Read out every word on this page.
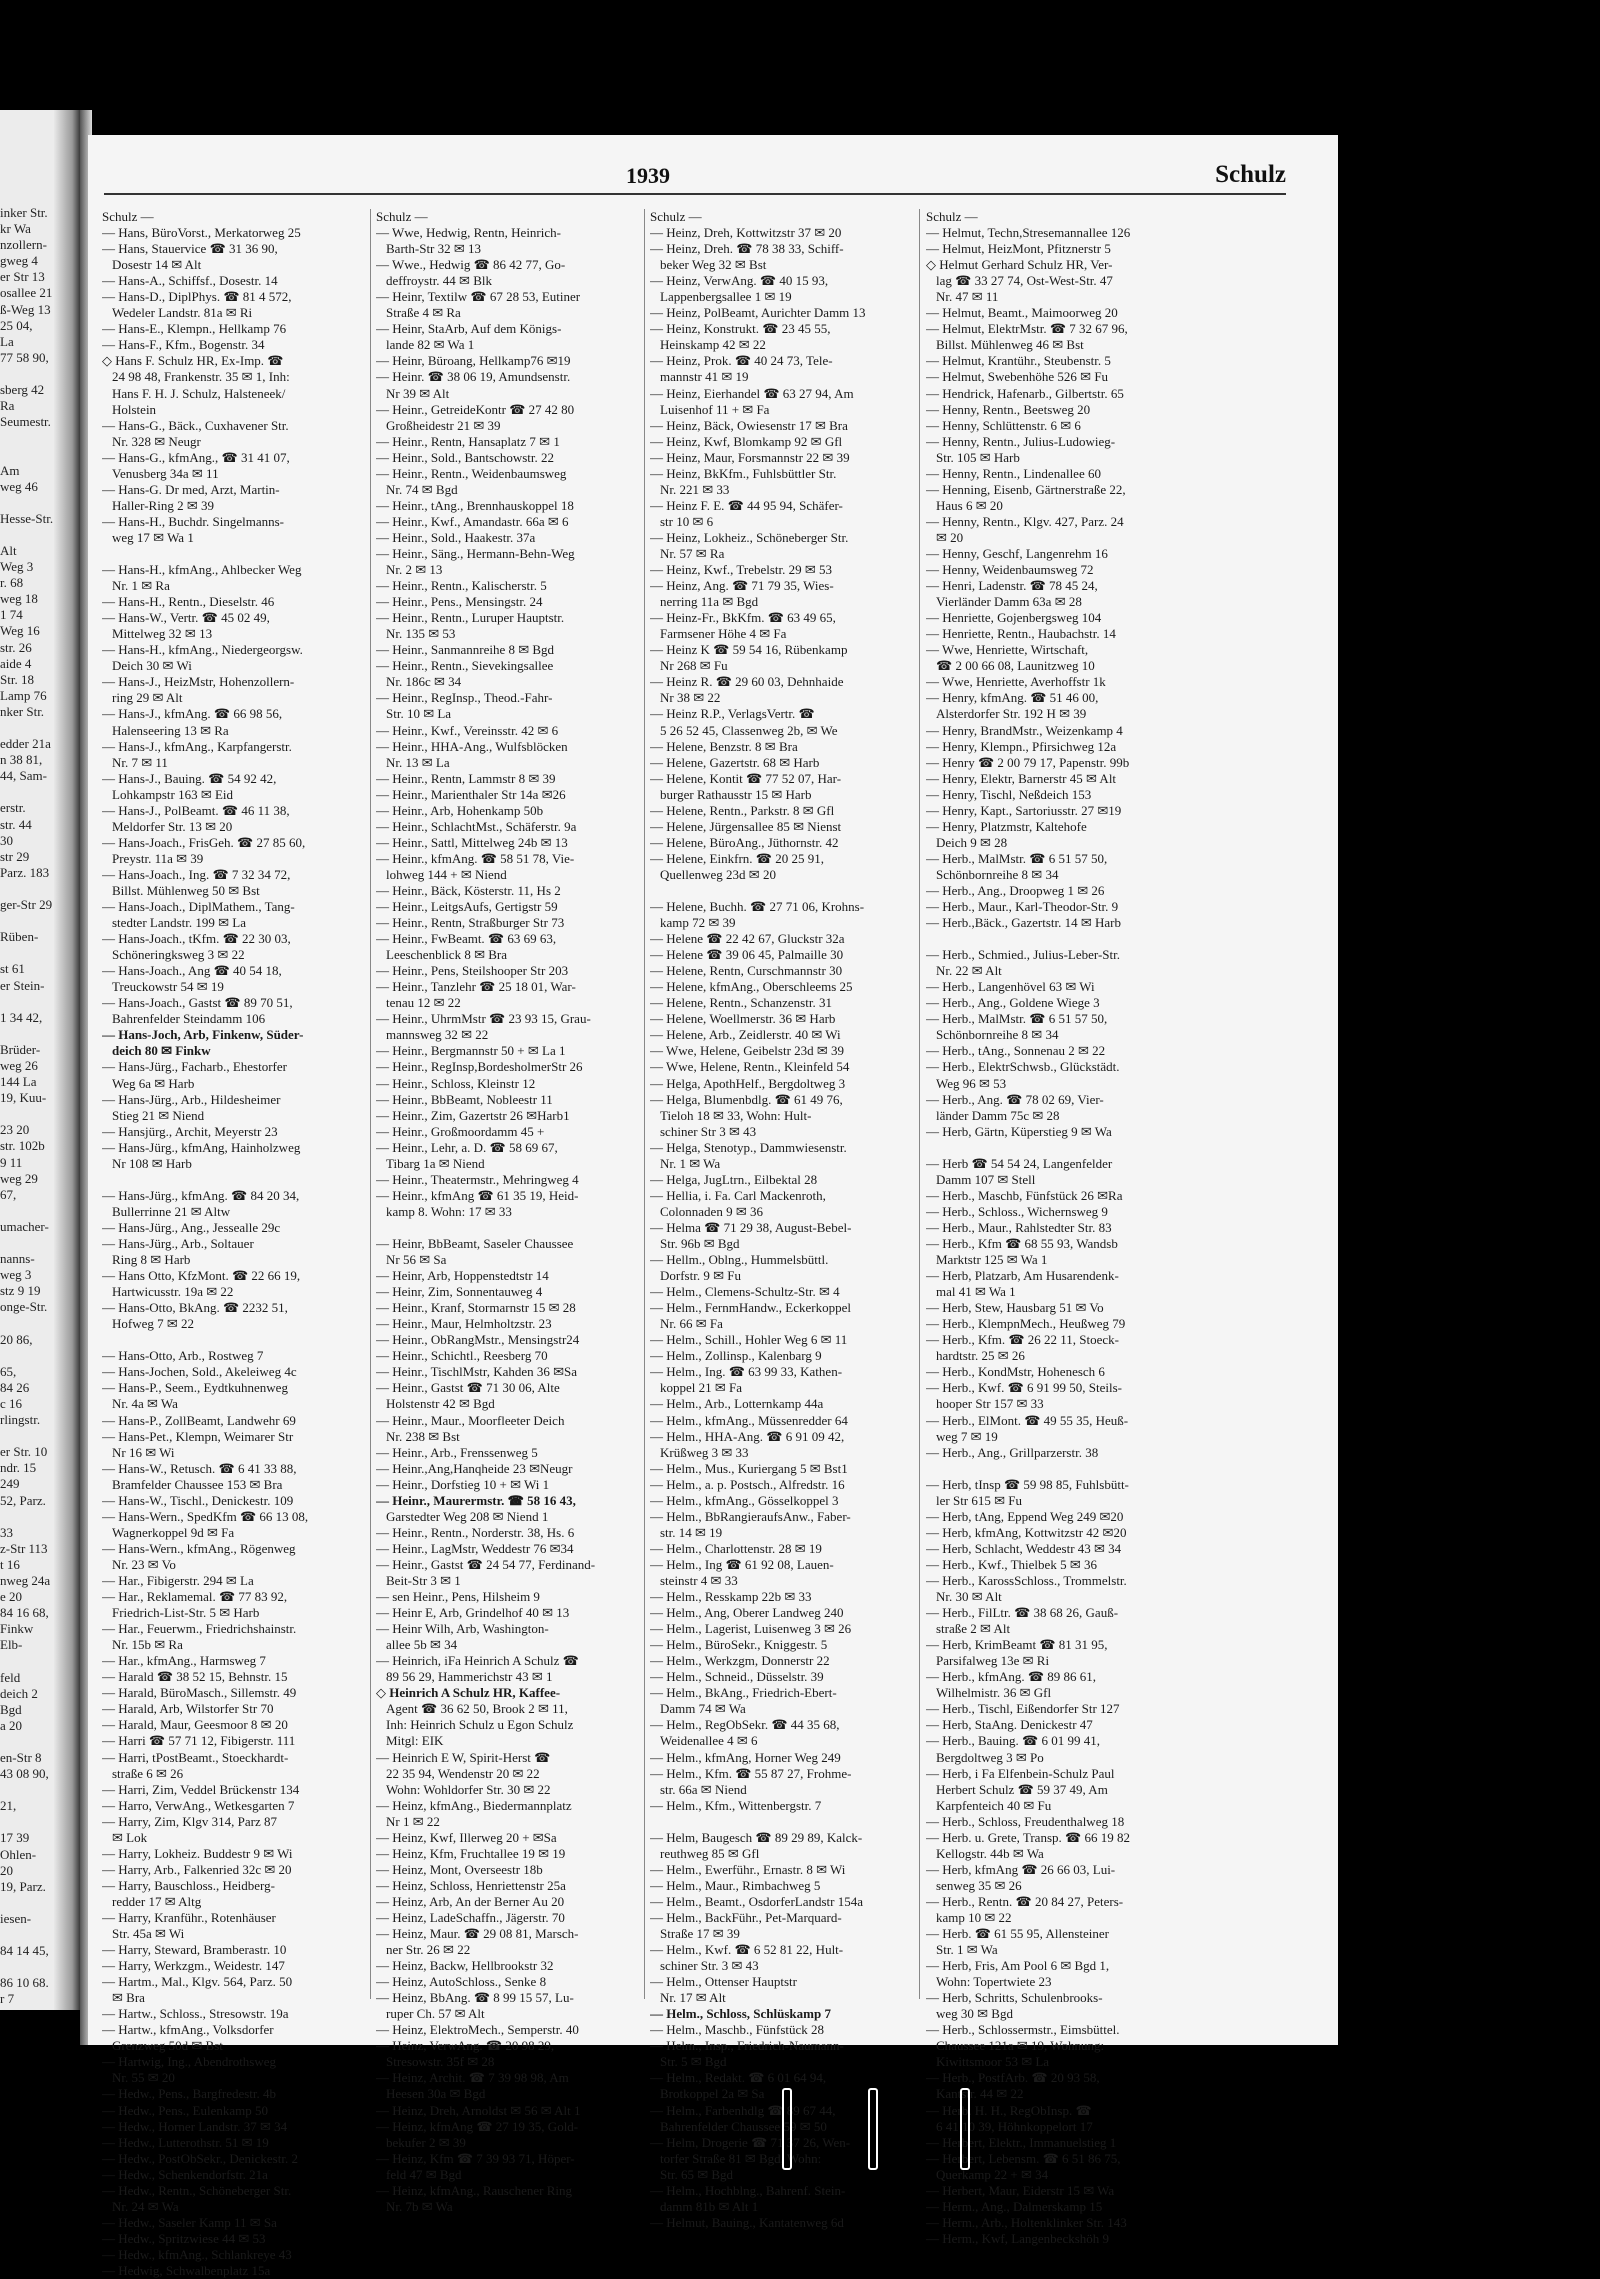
inker Str.
kr Wa
nzollern-
gweg 4
er Str 13
osallee 21
ß-Weg 13
25 04,
La
77 58 90,
sberg 42
Ra
Seumestr.
Am
weg 46
Hesse-Str.
Alt
Weg 3
r. 68
weg 18
1 74
Weg 16
str. 26
aide 4
Str. 18
Lamp 76
nker Str.
edder 21a
n 38 81,
44, Sam-
erstr.
str. 44
30
str 29
Parz. 183
ger-Str 29
Rüben-
st 61
er Stein-
1 34 42,
Brüder-
weg 26
144 La
19, Kuu-
23 20
str. 102b
9 11
weg 29
67,
umacher-
nanns-
weg 3
stz 9 19
onge-Str.
20 86,
65,
84 26
c 16
rlingstr.
er Str. 10
ndr. 15
249
52, Parz.
33
z-Str 113
t 16
nweg 24a
e 20
84 16 68,
Finkw
Elb-
feld
deich 2
Bgd
a 20
en-Str 8
43 08 90,
21,
17 39
Ohlen-
20
19, Parz.
iesen-
84 14 45,
86 10 68.
r 7
1939	Schulz
Schulz —
— Hans, BüroVorst., Merkatorweg 25
— Hans, Stauervice ☎ 31 36 90,
Dosestr 14 ✉ Alt
— Hans-A., Schiffsf., Dosestr. 14
— Hans-D., DiplPhys. ☎ 81 4 572,
Wedeler Landstr. 81a ✉ Ri
— Hans-E., Klempn., Hellkamp 76
— Hans-F., Kfm., Bogenstr. 34
◇ Hans F. Schulz HR, Ex-Imp. ☎
24 98 48, Frankenstr. 35 ✉ 1, Inh:
Hans F. H. J. Schulz, Halsteneek/
Holstein
— Hans-G., Bäck., Cuxhavener Str.
Nr. 328 ✉ Neugr
— Hans-G., kfmAng., ☎ 31 41 07,
Venusberg 34a ✉ 11
— Hans-G. Dr med, Arzt, Martin-
Haller-Ring 2 ✉ 39
— Hans-H., Buchdr. Singelmanns-
weg 17 ✉ Wa 1
— Hans-H., kfmAng., Ahlbecker Weg
Nr. 1 ✉ Ra
— Hans-H., Rentn., Dieselstr. 46
— Hans-W., Vertr. ☎ 45 02 49,
Mittelweg 32 ✉ 13
— Hans-H., kfmAng., Niedergeorgsw.
Deich 30 ✉ Wi
— Hans-J., HeizMstr, Hohenzollern-
ring 29 ✉ Alt
— Hans-J., kfmAng. ☎ 66 98 56,
Halenseering 13 ✉ Ra
— Hans-J., kfmAng., Karpfangerstr.
Nr. 7 ✉ 11
— Hans-J., Bauing. ☎ 54 92 42,
Lohkampstr 163 ✉ Eid
— Hans-J., PolBeamt. ☎ 46 11 38,
Meldorfer Str. 13 ✉ 20
— Hans-Joach., FrisGeh. ☎ 27 85 60,
Preystr. 11a ✉ 39
— Hans-Joach., Ing. ☎ 7 32 34 72,
Billst. Mühlenweg 50 ✉ Bst
— Hans-Joach., DiplMathem., Tang-
stedter Landstr. 199 ✉ La
— Hans-Joach., tKfm. ☎ 22 30 03,
Schöneringksweg 3 ✉ 22
— Hans-Joach., Ang ☎ 40 54 18,
Treuckowstr 54 ✉ 19
— Hans-Joach., Gastst ☎ 89 70 51,
Bahrenfelder Steindamm 106
— Hans-Joch, Arb, Finkenw, Süder-
deich 80 ✉ Finkw
— Hans-Jürg., Facharb., Ehestorfer
Weg 6a ✉ Harb
— Hans-Jürg., Arb., Hildesheimer
Stieg 21 ✉ Niend
— Hansjürg., Archit, Meyerstr 23
— Hans-Jürg., kfmAng, Hainholzweg
Nr 108 ✉ Harb
— Hans-Jürg., kfmAng. ☎ 84 20 34,
Bullerrinne 21 ✉ Altw
— Hans-Jürg., Ang., Jessealle 29c
— Hans-Jürg., Arb., Soltauer
Ring 8 ✉ Harb
— Hans Otto, KfzMont. ☎ 22 66 19,
Hartwicusstr. 19a ✉ 22
— Hans-Otto, BkAng. ☎ 2232 51,
Hofweg 7 ✉ 22
— Hans-Otto, Arb., Rostweg 7
— Hans-Jochen, Sold., Akeleiweg 4c
— Hans-P., Seem., Eydtkuhnenweg
Nr. 4a ✉ Wa
— Hans-P., ZollBeamt, Landwehr 69
— Hans-Pet., Klempn, Weimarer Str
Nr 16 ✉ Wi
— Hans-W., Retusch. ☎ 6 41 33 88,
Bramfelder Chaussee 153 ✉ Bra
— Hans-W., Tischl., Denickestr. 109
— Hans-Wern., SpedKfm ☎ 66 13 08,
Wagnerkoppel 9d ✉ Fa
— Hans-Wern., kfmAng., Rögenweg
Nr. 23 ✉ Vo
— Har., Fibigerstr. 294 ✉ La
— Har., Reklamemal. ☎ 77 83 92,
Friedrich-List-Str. 5 ✉ Harb
— Har., Feuerwm., Friedrichshainstr.
Nr. 15b ✉ Ra
— Har., kfmAng., Harmsweg 7
— Harald ☎ 38 52 15, Behnstr. 15
— Harald, BüroMasch., Sillemstr. 49
— Harald, Arb, Wilstorfer Str 70
— Harald, Maur, Geesmoor 8 ✉ 20
— Harri ☎ 57 71 12, Fibigerstr. 111
— Harri, tPostBeamt., Stoeckhardt-
straße 6 ✉ 26
— Harri, Zim, Veddel Brückenstr 134
— Harro, VerwAng., Wetkesgarten 7
— Harry, Zim, Klgv 314, Parz 87
✉ Lok
— Harry, Lokheiz. Buddestr 9 ✉ Wi
— Harry, Arb., Falkenried 32c ✉ 20
— Harry, Bauschloss., Heidberg-
redder 17 ✉ Altg
— Harry, Kranführ., Rotenhäuser
Str. 45a ✉ Wi
— Harry, Steward, Bramberastr. 10
— Harry, Werkzgm., Weidestr. 147
— Hartm., Mal., Klgv. 564, Parz. 50
✉ Bra
— Hartw., Schloss., Stresowstr. 19a
— Hartw., kfmAng., Volksdorfer
Grenzweg 50d ✉ Bst
— Hartwig, Ing., Abendrothsweg
Nr. 55 ✉ 20
— Hedw., Pens., Bargfredestr. 4b
— Hedw., Pens., Eulenkamp 50
— Hedw., Horner Landstr. 37 ✉ 34
— Hedw., Lutterothstr. 51 ✉ 19
— Hedw., PostObSekr., Denickestr. 2
— Hedw., Schenkendorfstr. 21a
— Hedw., Rentn., Schöneberger Str.
Nr. 24 ✉ Wa
— Hedw., Saseler Kamp 11 ✉ Sa
— Hedw., Spritzwiese 44 ✉ 53
— Hedw., kfmAng., Schlankreye 43
— Hedwig, Schwalbenplatz 15a
Schulz —
— Wwe, Hedwig, Rentn, Heinrich-
Barth-Str 32 ✉ 13
— Wwe., Hedwig ☎ 86 42 77, Go-
deffroystr. 44 ✉ Blk
— Heinr, Textilw ☎ 67 28 53, Eutiner
Straße 4 ✉ Ra
— Heinr, StaArb, Auf dem Königs-
lande 82 ✉ Wa 1
— Heinr, Büroang, Hellkamp76 ✉19
— Heinr. ☎ 38 06 19, Amundsenstr.
Nr 39 ✉ Alt
— Heinr., GetreideKontr ☎ 27 42 80
Großheidestr 21 ✉ 39
— Heinr., Rentn, Hansaplatz 7 ✉ 1
— Heinr., Sold., Bantschowstr. 22
— Heinr., Rentn., Weidenbaumsweg
Nr. 74 ✉ Bgd
— Heinr., tAng., Brennhauskoppel 18
— Heinr., Kwf., Amandastr. 66a ✉ 6
— Heinr., Sold., Haakestr. 37a
— Heinr., Säng., Hermann-Behn-Weg
Nr. 2 ✉ 13
— Heinr., Rentn., Kalischerstr. 5
— Heinr., Pens., Mensingstr. 24
— Heinr., Rentn., Luruper Hauptstr.
Nr. 135 ✉ 53
— Heinr., Sanmannreihe 8 ✉ Bgd
— Heinr., Rentn., Sievekingsallee
Nr. 186c ✉ 34
— Heinr., RegInsp., Theod.-Fahr-
Str. 10 ✉ La
— Heinr., Kwf., Vereinsstr. 42 ✉ 6
— Heinr., HHA-Ang., Wulfsblöcken
Nr. 13 ✉ La
— Heinr., Rentn, Lammstr 8 ✉ 39
— Heinr., Marienthaler Str 14a ✉26
— Heinr., Arb, Hohenkamp 50b
— Heinr., SchlachtMst., Schäferstr. 9a
— Heinr., Sattl, Mittelweg 24b ✉ 13
— Heinr., kfmAng. ☎ 58 51 78, Vie-
lohweg 144 + ✉ Niend
— Heinr., Bäck, Kösterstr. 11, Hs 2
— Heinr., LeitgsAufs, Gertigstr 59
— Heinr., Rentn, Straßburger Str 73
— Heinr., FwBeamt. ☎ 63 69 63,
Leeschenblick 8 ✉ Bra
— Heinr., Pens, Steilshooper Str 203
— Heinr., Tanzlehr ☎ 25 18 01, War-
tenau 12 ✉ 22
— Heinr., UhrmMstr ☎ 23 93 15, Grau-
mannsweg 32 ✉ 22
— Heinr., Bergmannstr 50 + ✉ La 1
— Heinr., RegInsp,BordesholmerStr 26
— Heinr., Schloss, Kleinstr 12
— Heinr., BbBeamt, Nobleestr 11
— Heinr., Zim, Gazertstr 26 ✉Harb1
— Heinr., Großmoordamm 45 +
— Heinr., Lehr, a. D. ☎ 58 69 67,
Tibarg 1a ✉ Niend
— Heinr., Theatermstr., Mehringweg 4
— Heinr., kfmAng ☎ 61 35 19, Heid-
kamp 8. Wohn: 17 ✉ 33
— Heinr, BbBeamt, Saseler Chaussee
Nr 56 ✉ Sa
— Heinr, Arb, Hoppenstedtstr 14
— Heinr, Zim, Sonnentauweg 4
— Heinr., Kranf, Stormarnstr 15 ✉ 28
— Heinr., Maur, Helmholtzstr. 23
— Heinr., ObRangMstr., Mensingstr24
— Heinr., Schichtl., Reesberg 70
— Heinr., TischlMstr, Kahden 36 ✉Sa
— Heinr., Gastst ☎ 71 30 06, Alte
Holstenstr 42 ✉ Bgd
— Heinr., Maur., Moorfleeter Deich
Nr. 238 ✉ Bst
— Heinr., Arb., Frenssenweg 5
— Heinr.,Ang,Hanqheide 23 ✉Neugr
— Heinr., Dorfstieg 10 + ✉ Wi 1
— Heinr., Maurermstr. ☎ 58 16 43,
Garstedter Weg 208 ✉ Niend 1
— Heinr., Rentn., Norderstr. 38, Hs. 6
— Heinr., LagMstr, Weddestr 76 ✉34
— Heinr., Gastst ☎ 24 54 77, Ferdinand-
Beit-Str 3 ✉ 1
— sen Heinr., Pens, Hilsheim 9
— Heinr E, Arb, Grindelhof 40 ✉ 13
— Heinr Wilh, Arb, Washington-
allee 5b ✉ 34
— Heinrich, iFa Heinrich A Schulz ☎
89 56 29, Hammerichstr 43 ✉ 1
◇ Heinrich A Schulz HR, Kaffee-
Agent ☎ 36 62 50, Brook 2 ✉ 11,
Inh: Heinrich Schulz u Egon Schulz
Mitgl: EIK
— Heinrich E W, Spirit-Herst ☎
22 35 94, Wendenstr 20 ✉ 22
Wohn: Wohldorfer Str. 30 ✉ 22
— Heinz, kfmAng., Biedermannplatz
Nr 1 ✉ 22
— Heinz, Kwf, Illerweg 20 + ✉Sa
— Heinz, Kfm, Fruchtallee 19 ✉ 19
— Heinz, Mont, Overseestr 18b
— Heinz, Schloss, Henriettenstr 25a
— Heinz, Arb, An der Berner Au 20
— Heinz, LadeSchaffn., Jägerstr. 70
— Heinz, Maur. ☎ 29 08 81, Marsch-
ner Str. 26 ✉ 22
— Heinz, Backw, Hellbrookstr 32
— Heinz, AutoSchloss., Senke 8
— Heinz, BbAng. ☎ 8 99 15 57, Lu-
ruper Ch. 57 ✉ Alt
— Heinz, ElektroMech., Semperstr. 40
— Heinz, VerwAng. ☎ 20 98 29,
Stresowstr. 35f ✉ 28
— Heinz, Archit. ☎ 7 39 98 98, Am
Heesen 30a ✉ Bgd
— Heinz, Dreh, Arnoldst ✉ 56 ✉ Alt 1
— Heinz, kfmAng ☎ 27 19 35, Gold-
bekufer 2 ✉ 39
— Heinz, Kfm ☎ 7 39 93 71, Höper-
feld 47 ✉ Bgd
— Heinz, kfmAng., Rauschener Ring
Nr. 7b ✉ Wa
Schulz —
— Heinz, Dreh, Kottwitzstr 37 ✉ 20
— Heinz, Dreh. ☎ 78 38 33, Schiff-
beker Weg 32 ✉ Bst
— Heinz, VerwAng. ☎ 40 15 93,
Lappenbergsallee 1 ✉ 19
— Heinz, PolBeamt, Aurichter Damm 13
— Heinz, Konstrukt. ☎ 23 45 55,
Heinskamp 42 ✉ 22
— Heinz, Prok. ☎ 40 24 73, Tele-
mannstr 41 ✉ 19
— Heinz, Eierhandel ☎ 63 27 94, Am
Luisenhof 11 + ✉ Fa
— Heinz, Bäck, Owiesenstr 17 ✉ Bra
— Heinz, Kwf, Blomkamp 92 ✉ Gfl
— Heinz, Maur, Forsmannstr 22 ✉ 39
— Heinz, BkKfm., Fuhlsbüttler Str.
Nr. 221 ✉ 33
— Heinz F. E. ☎ 44 95 94, Schäfer-
str 10 ✉ 6
— Heinz, Lokheiz., Schöneberger Str.
Nr. 57 ✉ Ra
— Heinz, Kwf., Trebelstr. 29 ✉ 53
— Heinz, Ang. ☎ 71 79 35, Wies-
nerring 11a ✉ Bgd
— Heinz-Fr., BkKfm. ☎ 63 49 65,
Farmsener Höhe 4 ✉ Fa
— Heinz K ☎ 59 54 16, Rübenkamp
Nr 268 ✉ Fu
— Heinz R. ☎ 29 60 03, Dehnhaide
Nr 38 ✉ 22
— Heinz R.P., VerlagsVertr. ☎
5 26 52 45, Classenweg 2b, ✉ We
— Helene, Benzstr. 8 ✉ Bra
— Helene, Gazertstr. 68 ✉ Harb
— Helene, Kontit ☎ 77 52 07, Har-
burger Rathausstr 15 ✉ Harb
— Helene, Rentn., Parkstr. 8 ✉ Gfl
— Helene, Jürgensallee 85 ✉ Nienst
— Helene, BüroAng., Jüthornstr. 42
— Helene, Einkfrn. ☎ 20 25 91,
Quellenweg 23d ✉ 20
— Helene, Buchh. ☎ 27 71 06, Krohns-
kamp 72 ✉ 39
— Helene ☎ 22 42 67, Gluckstr 32a
— Helene ☎ 39 06 45, Palmaille 30
— Helene, Rentn, Curschmannstr 30
— Helene, kfmAng., Oberschleems 25
— Helene, Rentn., Schanzenstr. 31
— Helene, Woellmerstr. 36 ✉ Harb
— Helene, Arb., Zeidlerstr. 40 ✉ Wi
— Wwe, Helene, Geibelstr 23d ✉ 39
— Wwe, Helene, Rentn., Kleinfeld 54
— Helga, ApothHelf., Bergdoltweg 3
— Helga, Blumenbdlg. ☎ 61 49 76,
Tieloh 18 ✉ 33, Wohn: Hult-
schiner Str 3 ✉ 43
— Helga, Stenotyp., Dammwiesenstr.
Nr. 1 ✉ Wa
— Helga, JugLtrn., Eilbektal 28
— Hellia, i. Fa. Carl Mackenroth,
Colonnaden 9 ✉ 36
— Helma ☎ 71 29 38, August-Bebel-
Str. 96b ✉ Bgd
— Hellm., Oblng., Hummelsbüttl.
Dorfstr. 9 ✉ Fu
— Helm., Clemens-Schultz-Str. ✉ 4
— Helm., FernmHandw., Eckerkoppel
Nr. 66 ✉ Fa
— Helm., Schill., Hohler Weg 6 ✉ 11
— Helm., Zollinsp., Kalenbarg 9
— Helm., Ing. ☎ 63 99 33, Kathen-
koppel 21 ✉ Fa
— Helm., Arb., Lotternkamp 44a
— Helm., kfmAng., Müssenredder 64
— Helm., HHA-Ang. ☎ 6 91 09 42,
Krüßweg 3 ✉ 33
— Helm., Mus., Kuriergang 5 ✉ Bst1
— Helm., a. p. Postsch., Alfredstr. 16
— Helm., kfmAng., Gösselkoppel 3
— Helm., BbRangieraufsAnw., Faber-
str. 14 ✉ 19
— Helm., Charlottenstr. 28 ✉ 19
— Helm., Ing ☎ 61 92 08, Lauen-
steinstr 4 ✉ 33
— Helm., Resskamp 22b ✉ 33
— Helm., Ang, Oberer Landweg 240
— Helm., Lagerist, Luisenweg 3 ✉ 26
— Helm., BüroSekr., Kniggestr. 5
— Helm., Werkzgm, Donnerstr 22
— Helm., Schneid., Düsselstr. 39
— Helm., BkAng., Friedrich-Ebert-
Damm 74 ✉ Wa
— Helm., RegObSekr. ☎ 44 35 68,
Weidenallee 4 ✉ 6
— Helm., kfmAng, Horner Weg 249
— Helm., Kfm. ☎ 55 87 27, Frohme-
str. 66a ✉ Niend
— Helm., Kfm., Wittenbergstr. 7
— Helm, Baugesch ☎ 89 29 89, Kalck-
reuthweg 85 ✉ Gfl
— Helm., Ewerführ., Ernastr. 8 ✉ Wi
— Helm., Maur., Rimbachweg 5
— Helm., Beamt., OsdorferLandstr 154a
— Helm., BackFühr., Pet-Marquard-
Straße 17 ✉ 39
— Helm., Kwf. ☎ 6 52 81 22, Hult-
schiner Str. 3 ✉ 43
— Helm., Ottenser Hauptstr
Nr. 17 ✉ Alt
— Helm., Schloss, Schlüskamp 7
— Helm., Maschb., Fünfstück 28
— Helm., Insp., Friedrich-Naumann-
Str. 5 ✉ Bgd
— Helm., Redakt. ☎ 6 01 64 94,
Brotkoppel 2a ✉ Sa
— Helm., Farbenhdlg ☎ 89 67 44,
Bahrenfelder Chaussee 59 ✉ 50
— Helm, Drogerie ☎ 71 37 26, Wen-
torfer Straße 81 ✉ Bgd, Wohn:
Str. 65 ✉ Bgd
— Helm., Hochblng., Bahrenf. Stein-
damm 81b ✉ Alt 1
— Helmut, Bauing., Kantatenweg 6d
Schulz —
— Helmut, Techn,Stresemannallee 126
— Helmut, HeizMont, Pfitznerstr 5
◇ Helmut Gerhard Schulz HR, Ver-
lag ☎ 33 27 74, Ost-West-Str. 47
Nr. 47 ✉ 11
— Helmut, Beamt., Maimoorweg 20
— Helmut, ElektrMstr. ☎ 7 32 67 96,
Billst. Mühlenweg 46 ✉ Bst
— Helmut, Krantühr., Steubenstr. 5
— Helmut, Swebenhöhe 526 ✉ Fu
— Hendrick, Hafenarb., Gilbertstr. 65
— Henny, Rentn., Beetsweg 20
— Henny, Schlüttenstr. 6 ✉ 6
— Henny, Rentn., Julius-Ludowieg-
Str. 105 ✉ Harb
— Henny, Rentn., Lindenallee 60
— Henning, Eisenb, Gärtnerstraße 22,
Haus 6 ✉ 20
— Henny, Rentn., Klgv. 427, Parz. 24
✉ 20
— Henny, Geschf, Langenrehm 16
— Henny, Weidenbaumsweg 72
— Henri, Ladenstr. ☎ 78 45 24,
Vierländer Damm 63a ✉ 28
— Henriette, Gojenbergsweg 104
— Henriette, Rentn., Haubachstr. 14
— Wwe, Henriette, Wirtschaft,
☎ 2 00 66 08, Launitzweg 10
— Wwe, Henriette, Averhoffstr 1k
— Henry, kfmAng. ☎ 51 46 00,
Alsterdorfer Str. 192 H ✉ 39
— Henry, BrandMstr., Weizenkamp 4
— Henry, Klempn., Pfirsichweg 12a
— Henry ☎ 2 00 79 17, Papenstr. 99b
— Henry, Elektr, Barnerstr 45 ✉ Alt
— Henry, Tischl, Neßdeich 153
— Henry, Kapt., Sartoriusstr. 27 ✉19
— Henry, Platzmstr, Kaltehofe
Deich 9 ✉ 28
— Herb., MalMstr. ☎ 6 51 57 50,
Schönbornreihe 8 ✉ 34
— Herb., Ang., Droopweg 1 ✉ 26
— Herb., Maur., Karl-Theodor-Str. 9
— Herb.,Bäck., Gazertstr. 14 ✉ Harb
— Herb., Schmied., Julius-Leber-Str.
Nr. 22 ✉ Alt
— Herb., Langenhövel 63 ✉ Wi
— Herb., Ang., Goldene Wiege 3
— Herb., MalMstr. ☎ 6 51 57 50,
Schönbornreihe 8 ✉ 34
— Herb., tAng., Sonnenau 2 ✉ 22
— Herb., ElektrSchwsb., Glückstädt.
Weg 96 ✉ 53
— Herb., Ang. ☎ 78 02 69, Vier-
länder Damm 75c ✉ 28
— Herb, Gärtn, Küperstieg 9 ✉ Wa
— Herb ☎ 54 54 24, Langenfelder
Damm 107 ✉ Stell
— Herb., Maschb, Fünfstück 26 ✉Ra
— Herb., Schloss., Wichernsweg 9
— Herb., Maur., Rahlstedter Str. 83
— Herb., Kfm ☎ 68 55 93, Wandsb
Marktstr 125 ✉ Wa 1
— Herb, Platzarb, Am Husarendenk-
mal 41 ✉ Wa 1
— Herb, Stew, Hausbarg 51 ✉ Vo
— Herb., KlempnMech., Heußweg 79
— Herb., Kfm. ☎ 26 22 11, Stoeck-
hardtstr. 25 ✉ 26
— Herb., KondMstr, Hohenesch 6
— Herb., Kwf. ☎ 6 91 99 50, Steils-
hooper Str 157 ✉ 33
— Herb., ElMont. ☎ 49 55 35, Heuß-
weg 7 ✉ 19
— Herb., Ang., Grillparzerstr. 38
— Herb, tInsp ☎ 59 98 85, Fuhlsbütt-
ler Str 615 ✉ Fu
— Herb, tAng, Eppend Weg 249 ✉20
— Herb, kfmAng, Kottwitzstr 42 ✉20
— Herb, Schlacht, Weddestr 43 ✉ 34
— Herb., Kwf., Thielbek 5 ✉ 36
— Herb., KarossSchloss., Trommelstr.
Nr. 30 ✉ Alt
— Herb., FilLtr. ☎ 38 68 26, Gauß-
straße 2 ✉ Alt
— Herb, KrimBeamt ☎ 81 31 95,
Parsifalweg 13e ✉ Ri
— Herb., kfmAng. ☎ 89 86 61,
Wilhelmistr. 36 ✉ Gfl
— Herb., Tischl, Eißendorfer Str 127
— Herb, StaAng. Denickestr 47
— Herb., Bauing. ☎ 6 01 99 41,
Bergdoltweg 3 ✉ Po
— Herb, i Fa Elfenbein-Schulz Paul
Herbert Schulz ☎ 59 37 49, Am
Karpfenteich 40 ✉ Fu
— Herb., Schloss, Freudenthalweg 18
— Herb. u. Grete, Transp. ☎ 66 19 82
Kellogstr. 44b ✉ Wa
— Herb, kfmAng ☎ 26 66 03, Lui-
senweg 35 ✉ 26
— Herb., Rentn. ☎ 20 84 27, Peters-
kamp 10 ✉ 22
— Herb. ☎ 61 55 95, Allensteiner
Str. 1 ✉ Wa
— Herb, Fris, Am Pool 6 ✉ Bgd 1,
Wohn: Topertwiete 23
— Herb, Schritts, Schulenbrooks-
weg 30 ✉ Bgd
— Herb., Schlossermstr., Eimsbüttel.
Chaussee 121a ✉ 19, Wohnung:
Kiwittsmoor 53 ✉ La
— Herb., PostfArb. ☎ 20 93 58,
Kantstr. 44 ✉ 22
— Herb. H. H., RegObInsp. ☎
6 41 10 39, Höhnkoppelort 17
— Herbert, Elektr., Immanuelstieg 1
— Herbert, Lebensm. ☎ 6 51 86 75,
Querkamp 22 + ✉ 34
— Herbert, Maur, Eiderstr 15 ✉ Wa
— Herm., Ang., Dalmerskamp 15
— Herm., Arb., Holtenklinker Str. 143
— Herm., Kwf, Langenbeckshöh 9
